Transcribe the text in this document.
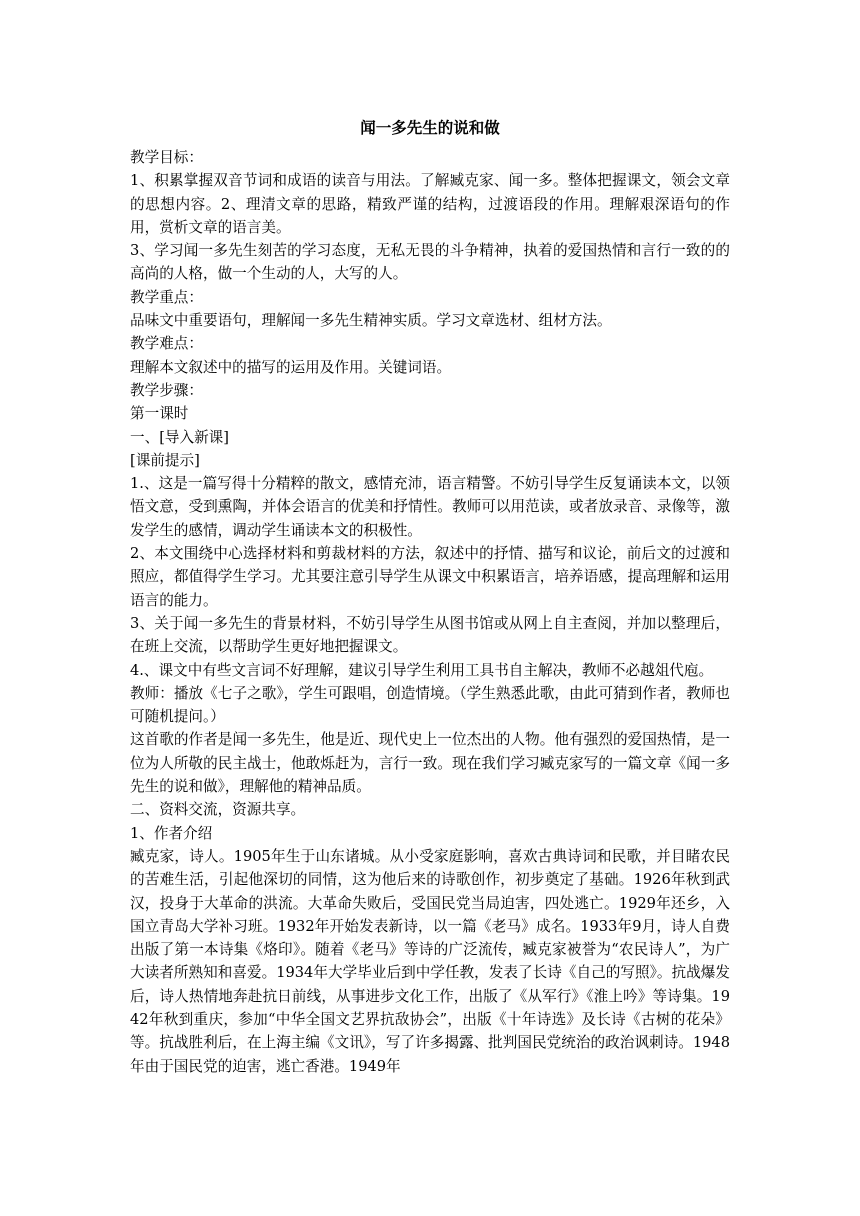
闻一多先生的说和做

教学目标：

1、积累掌握双音节词和成语的读音与用法。了解臧克家、闻一多。整体把握课文，领会文章的思想内容。2、理清文章的思路，精致严谨的结构，过渡语段的作用。理解艰深语句的作用，赏析文章的语言美。

3、学习闻一多先生刻苦的学习态度，无私无畏的斗争精神，执着的爱国热情和言行一致的的高尚的人格，做一个生动的人，大写的人。

教学重点：

品味文中重要语句，理解闻一多先生精神实质。学习文章选材、组材方法。

教学难点：

理解本文叙述中的描写的运用及作用。关键词语。

教学步骤：

第一课时

一、[导入新课]

[课前提示]

1.、这是一篇写得十分精粹的散文，感情充沛，语言精警。不妨引导学生反复诵读本文，以领悟文意，受到熏陶，并体会语言的优美和抒情性。教师可以用范读，或者放录音、录像等，激发学生的感情，调动学生诵读本文的积极性。

2、本文围绕中心选择材料和剪裁材料的方法，叙述中的抒情、描写和议论，前后文的过渡和照应，都值得学生学习。尤其要注意引导学生从课文中积累语言，培养语感，提高理解和运用语言的能力。

3、关于闻一多先生的背景材料，不妨引导学生从图书馆或从网上自主查阅，并加以整理后，在班上交流，以帮助学生更好地把握课文。

4.、课文中有些文言词不好理解，建议引导学生利用工具书自主解决，教师不必越俎代庖。

教师：播放《七子之歌》，学生可跟唱，创造情境。（学生熟悉此歌，由此可猜到作者，教师也可随机提问。）

这首歌的作者是闻一多先生，他是近、现代史上一位杰出的人物。他有强烈的爱国热情，是一位为人所敬的民主战士，他敢烁赶为，言行一致。现在我们学习臧克家写的一篇文章《闻一多先生的说和做》，理解他的精神品质。

二、资料交流，资源共享。

1、作者介绍

臧克家，诗人。1905年生于山东诸城。从小受家庭影响，喜欢古典诗词和民歌，并目睹农民的苦难生活，引起他深切的同情，这为他后来的诗歌创作，初步奠定了基础。1926年秋到武汉，投身于大革命的洪流。大革命失败后，受国民党当局迫害，四处逃亡。1929年还乡，入国立青岛大学补习班。1932年开始发表新诗，以一篇《老马》成名。1933年9月，诗人自费出版了第一本诗集《烙印》。随着《老马》等诗的广泛流传，臧克家被誉为“农民诗人”，为广大读者所熟知和喜爱。1934年大学毕业后到中学任教，发表了长诗《自己的写照》。抗战爆发后，诗人热情地奔赴抗日前线，从事进步文化工作，出版了《从军行》《淮上吟》等诗集。1942年秋到重庆，参加“中华全国文艺界抗敌协会”，出版《十年诗选》及长诗《古树的花朵》等。抗战胜利后，在上海主编《文讯》，写了许多揭露、批判国民党统治的政治讽刺诗。1948年由于国民党的迫害，逃亡香港。1949年
